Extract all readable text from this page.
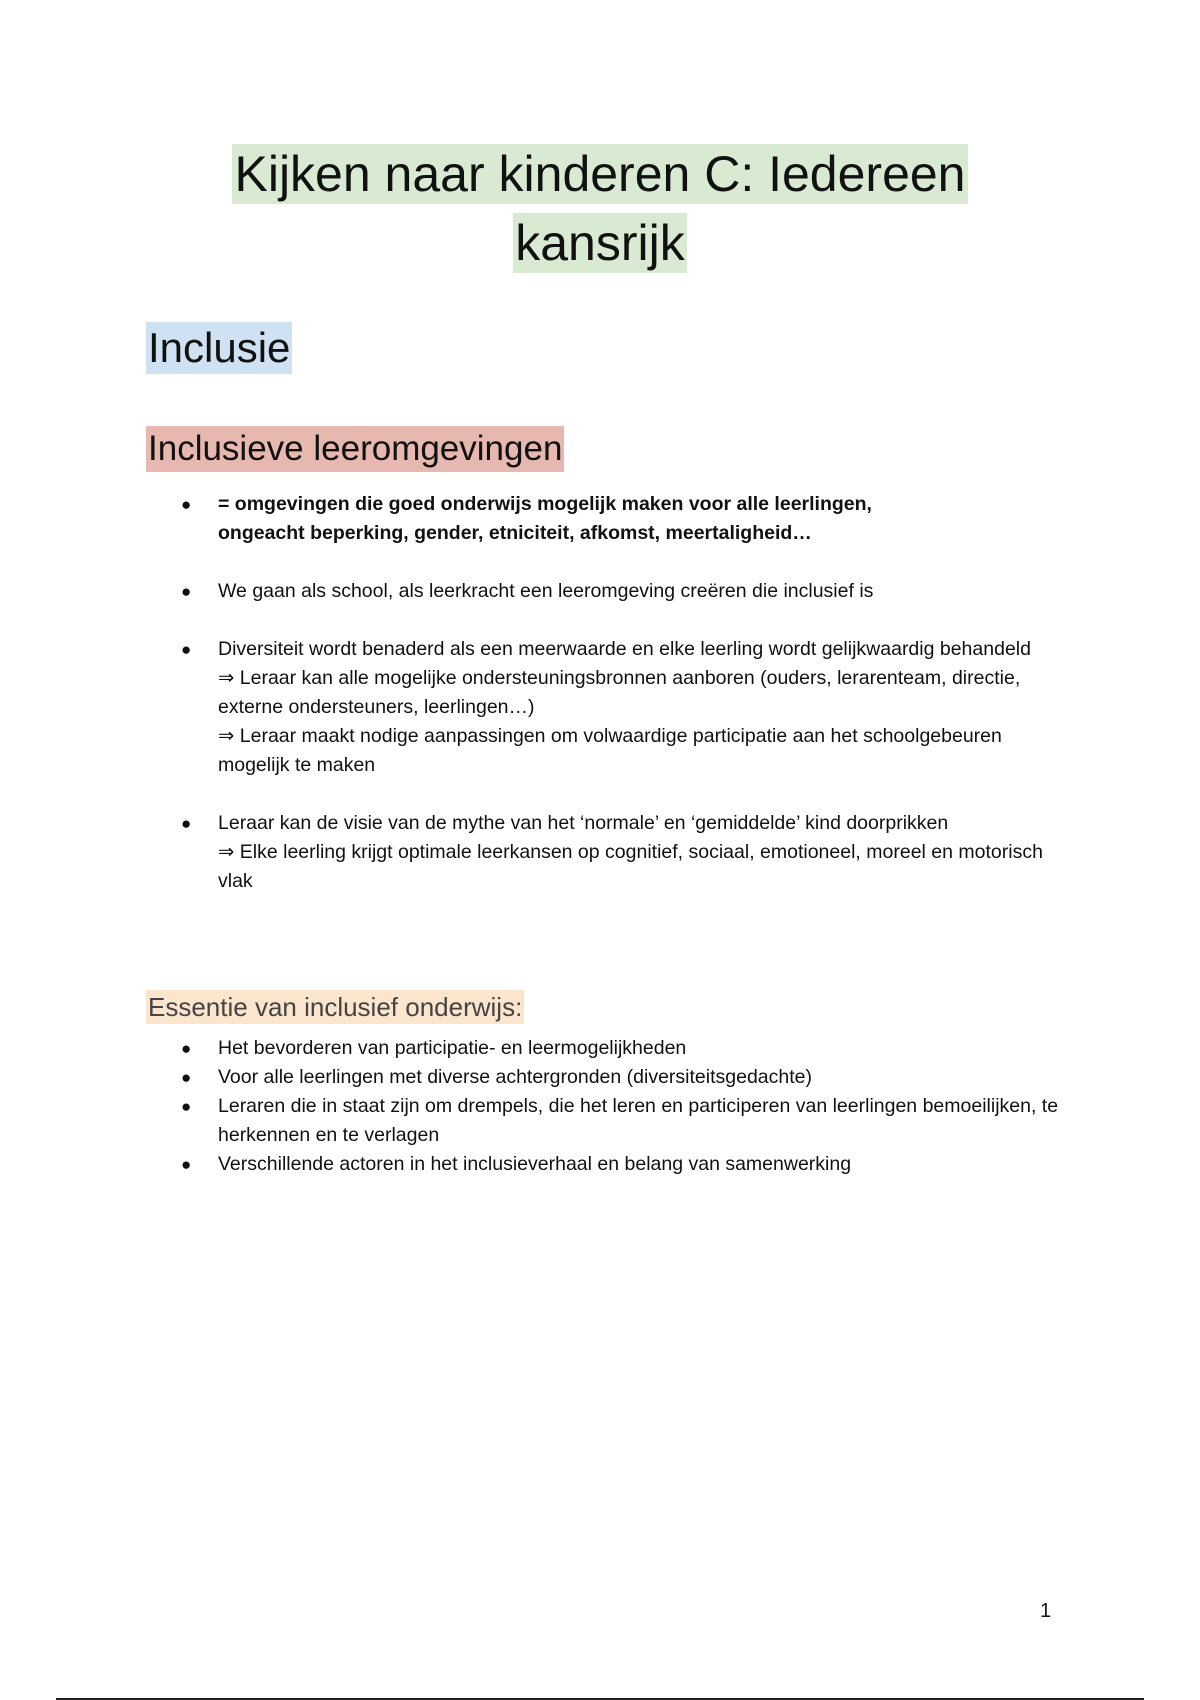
Kijken naar kinderen C: Iedereen
kansrijk
Inclusie
Inclusieve leeromgevingen
● = omgevingen die goed onderwijs mogelijk maken voor alle leerlingen,
ongeacht beperking, gender, etniciteit, afkomst, meertaligheid…
● We gaan als school, als leerkracht een leeromgeving creëren die inclusief is
● Diversiteit wordt benaderd als een meerwaarde en elke leerling wordt gelijkwaardig behandeld
⇒ Leraar kan alle mogelijke ondersteuningsbronnen aanboren (ouders, lerarenteam, directie, externe ondersteuners, leerlingen…)
⇒ Leraar maakt nodige aanpassingen om volwaardige participatie aan het schoolgebeuren mogelijk te maken
● Leraar kan de visie van de mythe van het ‘normale’ en ‘gemiddelde’ kind doorprikken
⇒ Elke leerling krijgt optimale leerkansen op cognitief, sociaal, emotioneel, moreel en motorisch vlak
Essentie van inclusief onderwijs:
● Het bevorderen van participatie- en leermogelijkheden
● Voor alle leerlingen met diverse achtergronden (diversiteitsgedachte)
● Leraren die in staat zijn om drempels, die het leren en participeren van leerlingen bemoeilijken, te herkennen en te verlagen
● Verschillende actoren in het inclusieverhaal en belang van samenwerking
1
